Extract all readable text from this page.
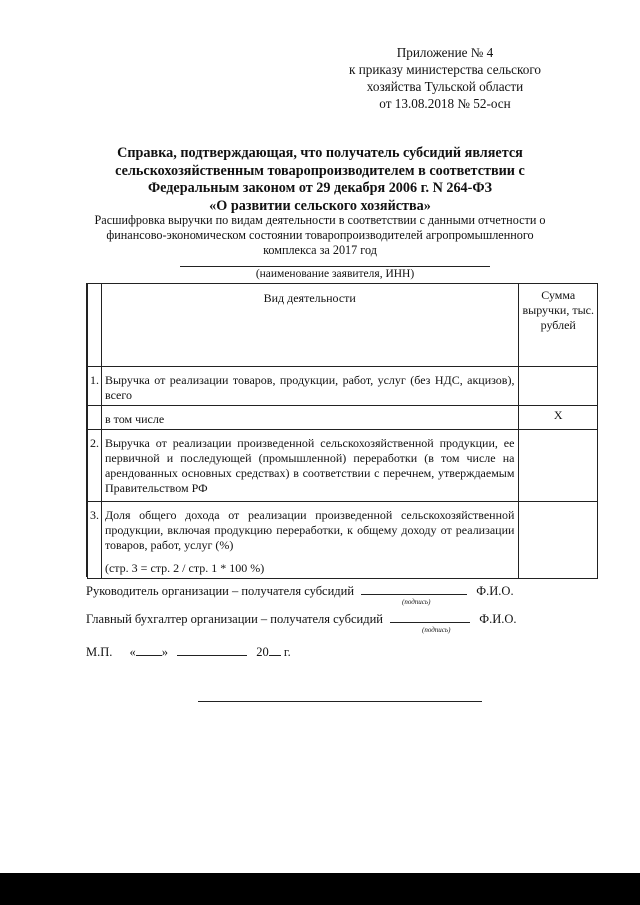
Приложение № 4
к приказу министерства сельского
хозяйства Тульской области
от 13.08.2018 № 52-осн
Справка, подтверждающая, что получатель субсидий является
сельскохозяйственным товаропроизводителем в соответствии с
Федеральным законом от 29 декабря 2006 г. N 264-ФЗ
«О развитии сельского хозяйства»
Расшифровка выручки по видам деятельности в соответствии с данными отчетности о
финансово-экономическом состоянии товаропроизводителей агропромышленного
комплекса за 2017 год
(наименование заявителя, ИНН)
	Вид деятельности	Сумма выручки, тыс. рублей
1.	Выручка от реализации товаров, продукции, работ, услуг (без НДС, акцизов), всего	
	в том числе	X
2.	Выручка от реализации произведенной сельскохозяйственной продукции, ее первичной и последующей (промышленной) переработки (в том числе на арендованных основных средствах) в соответствии с перечнем, утверждаемым Правительством РФ	
3.	Доля общего дохода от реализации произведенной сельскохозяйственной продукции, включая продукцию переработки, к общему доходу от реализации товаров, работ, услуг (%)
(стр. 3 = стр. 2 / стр. 1 * 100 %)	

Руководитель организации – получателя субсидий	Ф.И.О.
(подпись)
Главный бухгалтер организации – получателя субсидий	Ф.И.О.
(подпись)
М.П. « »	20 г.
